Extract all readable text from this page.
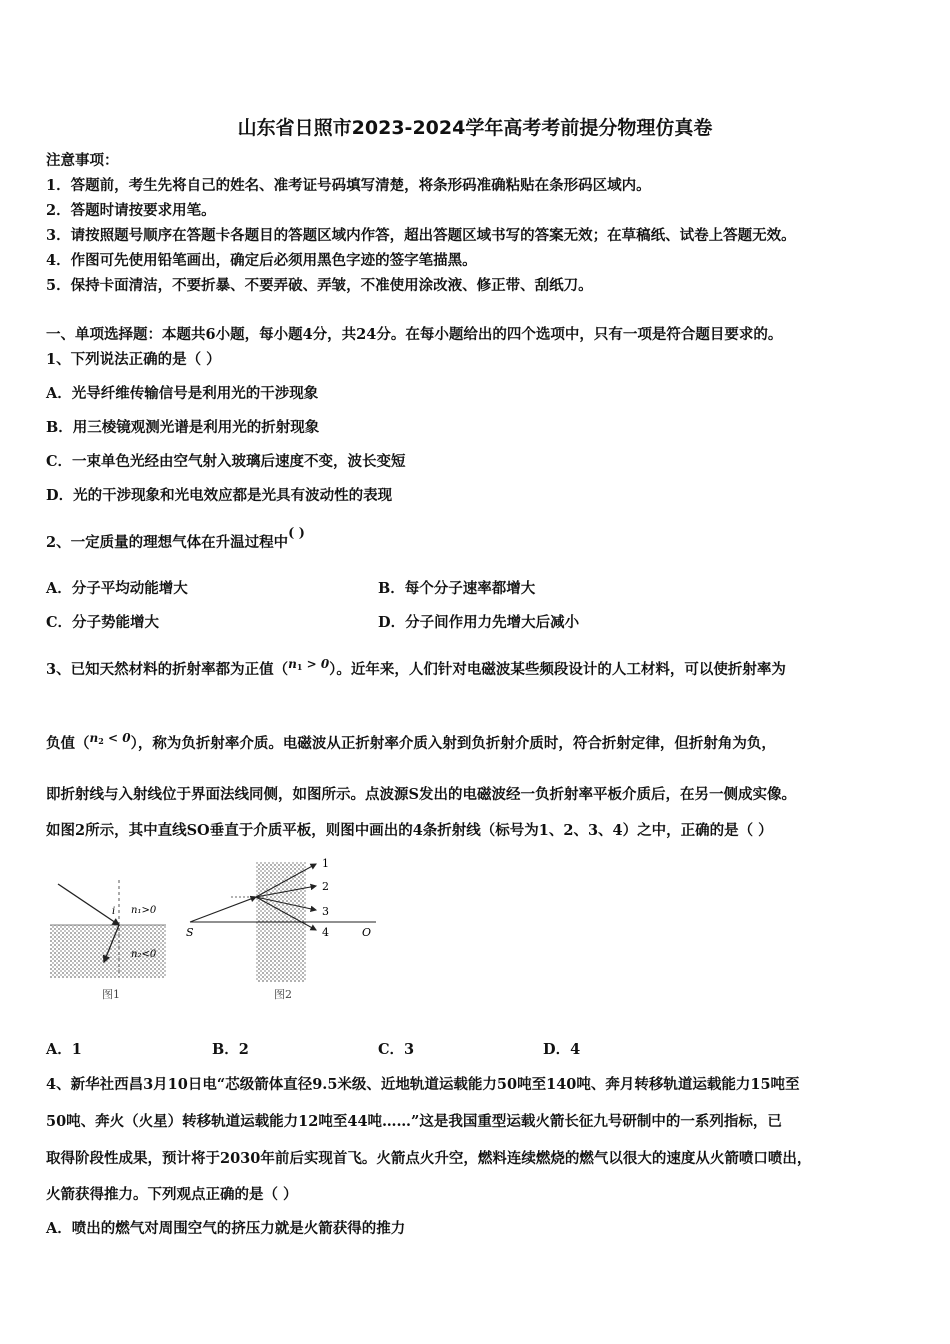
山东省日照市2023-2024学年高考考前提分物理仿真卷
注意事项：
1．答题前，考生先将自己的姓名、准考证号码填写清楚，将条形码准确粘贴在条形码区域内。
2．答题时请按要求用笔。
3．请按照题号顺序在答题卡各题目的答题区域内作答，超出答题区域书写的答案无效；在草稿纸、试卷上答题无效。
4．作图可先使用铅笔画出，确定后必须用黑色字迹的签字笔描黑。
5．保持卡面清洁，不要折暴、不要弄破、弄皱，不准使用涂改液、修正带、刮纸刀。
一、单项选择题：本题共6小题，每小题4分，共24分。在每小题给出的四个选项中，只有一项是符合题目要求的。
1、下列说法正确的是（ ）
A．光导纤维传输信号是利用光的干涉现象
B．用三棱镜观测光谱是利用光的折射现象
C．一束单色光经由空气射入玻璃后速度不变，波长变短
D．光的干涉现象和光电效应都是光具有波动性的表现
2、一定质量的理想气体在升温过程中( )
A．分子平均动能增大	B．每个分子速率都增大
C．分子势能增大	D．分子间作用力先增大后减小
3、已知天然材料的折射率都为正值（$^{n_1 > 0}$）。近年来，人们针对电磁波某些频段设计的人工材料，可以使折射率为
负值（$^{n_2 < 0}$），称为负折射率介质。电磁波从正折射率介质入射到负折射介质时，符合折射定律，但折射角为负，
即折射线与入射线位于界面法线同侧，如图所示。点波源S发出的电磁波经一负折射率平板介质后，在另一侧成实像。
如图2所示，其中直线SO垂直于介质平板，则图中画出的4条折射线（标号为1、2、3、4）之中，正确的是（ ）
i n₁>0
n₂<0
图1
1
2
3
4
S	O
图2
A．1	B．2	C．3	D．4
4、新华社西昌3月10日电“芯级箭体直径9.5米级、近地轨道运载能力50吨至140吨、奔月转移轨道运载能力15吨至
50吨、奔火（火星）转移轨道运载能力12吨至44吨……”这是我国重型运载火箭长征九号研制中的一系列指标，已
取得阶段性成果，预计将于2030年前后实现首飞。火箭点火升空，燃料连续燃烧的燃气以很大的速度从火箭喷口喷出，
火箭获得推力。下列观点正确的是（ ）
A．喷出的燃气对周围空气的挤压力就是火箭获得的推力
